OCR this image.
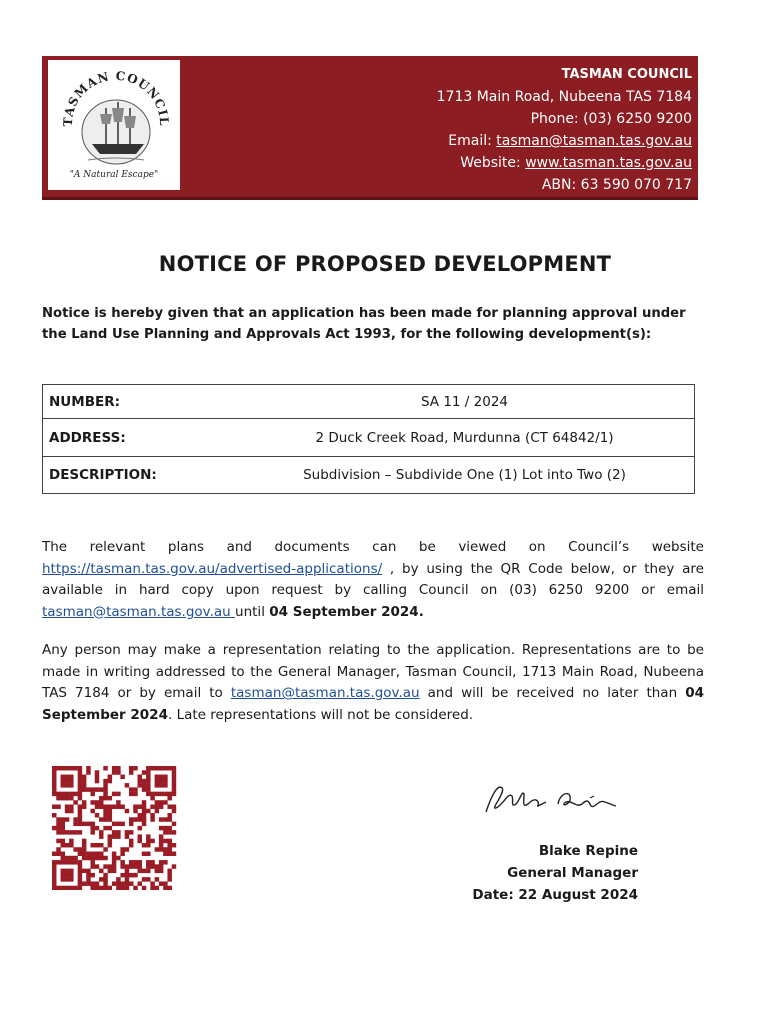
TASMAN COUNCIL
"A Natural Escape"
TASMAN COUNCIL
1713 Main Road, Nubeena TAS 7184
Phone: (03) 6250 9200
Email: tasman@tasman.tas.gov.au
Website: www.tasman.tas.gov.au
ABN: 63 590 070 717
NOTICE OF PROPOSED DEVELOPMENT
Notice is hereby given that an application has been made for planning approval under the Land Use Planning and Approvals Act 1993, for the following development(s):
NUMBER:	SA 11 / 2024
ADDRESS:	2 Duck Creek Road, Murdunna (CT 64842/1)
DESCRIPTION:	Subdivision – Subdivide One (1) Lot into Two (2)
The relevant plans and documents can be viewed on Council’s website https://tasman.tas.gov.au/advertised-applications/ , by using the QR Code below, or they are available in hard copy upon request by calling Council on (03) 6250 9200 or email tasman@tasman.tas.gov.au until 04 September 2024.
Any person may make a representation relating to the application. Representations are to be made in writing addressed to the General Manager, Tasman Council, 1713 Main Road, Nubeena TAS 7184 or by email to tasman@tasman.tas.gov.au and will be received no later than 04 September 2024. Late representations will not be considered.
Blake Repine
General Manager
Date: 22 August 2024
